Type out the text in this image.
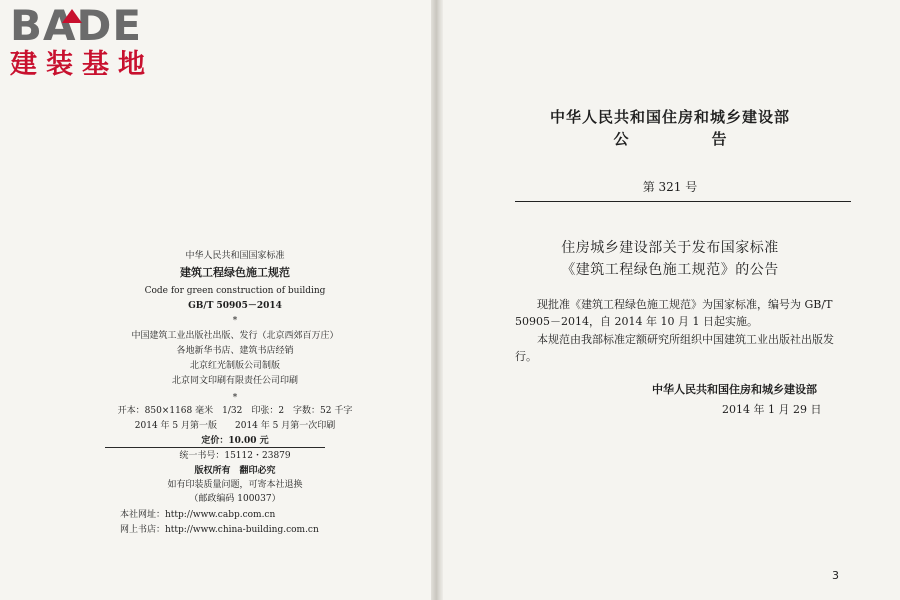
BADE
建装基地
中华人民共和国国家标准
建筑工程绿色施工规范
Code for green construction of building
GB/T 50905－2014
*
中国建筑工业出版社出版、发行（北京西郊百万庄）
各地新华书店、建筑书店经销
北京红光制版公司制版
北京同文印刷有限责任公司印刷
*
开本：850×1168 毫米　1/32　印张：2　字数：52 千字
2014 年 5 月第一版　　2014 年 5 月第一次印刷
定价：10.00 元
统一书号：15112・23879
版权所有　翻印必究
如有印装质量问题，可寄本社退换
（邮政编码 100037）
本社网址：http://www.cabp.com.cn
网上书店：http://www.china-building.com.cn
中华人民共和国住房和城乡建设部
公　告
第 321 号
住房城乡建设部关于发布国家标准
《建筑工程绿色施工规范》的公告
现批准《建筑工程绿色施工规范》为国家标准，编号为 GB/T 50905－2014，自 2014 年 10 月 1 日起实施。
本规范由我部标准定额研究所组织中国建筑工业出版社出版发行。
中华人民共和国住房和城乡建设部
2014 年 1 月 29 日
3
